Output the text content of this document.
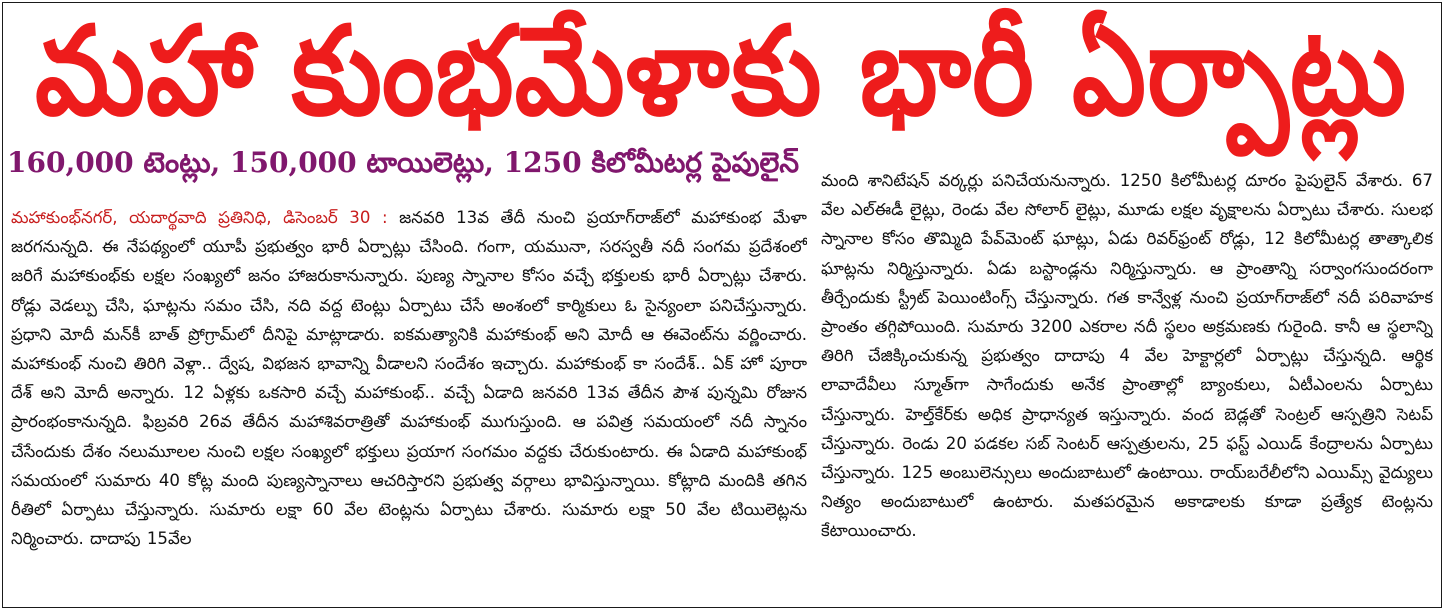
మహా కుంభమేళాకు భారీ ఏర్పాట్లు
160,000 టెంట్లు, 150,000 టాయిలెట్లు, 1250 కిలోమీటర్ల పైపులైన్
మహాకుంభ్‌నగర్, యదార్థవాది ప్రతినిధి, డిసెంబర్ 30 : జనవరి 13వ తేదీ నుంచి ప్రయాగ్‌రాజ్‌లో మహాకుంభ మేళా జరగనున్నది. ఈ నేపథ్యంలో యూపీ ప్రభుత్వం భారీ ఏర్పాట్లు చేసింది. గంగా, యమునా, సరస్వతీ నదీ సంగమ ప్రదేశంలో జరిగే మహాకుంభ్‌కు లక్షల సంఖ్యలో జనం హాజరుకానున్నారు. పుణ్య స్నానాల కోసం వచ్చే భక్తులకు భారీ ఏర్పాట్లు చేశారు. రోడ్లు వెడల్పు చేసి, ఘాట్లను సమం చేసి, నది వద్ద టెంట్లు ఏర్పాటు చేసే అంశంలో కార్మికులు ఓ సైన్యంలా పనిచేస్తున్నారు. ప్రధాని మోదీ మన్‌కీ బాత్ ప్రోగ్రామ్‌లో దీనిపై మాట్లాడారు. ఐకమత్యానికి మహాకుంభ్ అని మోదీ ఆ ఈవెంట్‌ను వర్ణించారు. మహాకుంభ్ నుంచి తిరిగి వెళ్లా.. ద్వేష, విభజన భావాన్ని వీడాలని సందేశం ఇచ్చారు. మహాకుంభ్ కా సందేశ్.. ఏక్ హో పూరా దేశ్ అని మోదీ అన్నారు. 12 ఏళ్లకు ఒకసారి వచ్చే మహాకుంభ్.. వచ్చే ఏడాది జనవరి 13వ తేదీన పౌశ పున్నమి రోజున ప్రారంభంకానున్నది. ఫిబ్రవరి 26వ తేదీన మహాశివరాత్రితో మహాకుంభ్ ముగుస్తుంది. ఆ పవిత్ర సమయంలో నదీ స్నానం చేసేందుకు దేశం నలుమూలల నుంచి లక్షల సంఖ్యలో భక్తులు ప్రయాగ సంగమం వద్దకు చేరుకుంటారు. ఈ ఏడాది మహాకుంభ్ సమయంలో సుమారు 40 కోట్ల మంది పుణ్యస్నానాలు ఆచరిస్తారని ప్రభుత్వ వర్గాలు భావిస్తున్నాయి. కోట్లాది మందికి తగిన రీతిలో ఏర్పాటు చేస్తున్నారు. సుమారు లక్షా 60 వేల టెంట్లను ఏర్పాటు చేశారు. సుమారు లక్షా 50 వేల టియిలెట్లను నిర్మించారు. దాదాపు 15వేల
మంది శానిటేషన్ వర్కర్లు పనిచేయనున్నారు. 1250 కిలోమీటర్ల దూరం పైపులైన్ వేశారు. 67 వేల ఎల్‌ఈడీ లైట్లు, రెండు వేల సోలార్ లైట్లు, మూడు లక్షల వృక్షాలను ఏర్పాటు చేశారు. సులభ స్నానాల కోసం తొమ్మిది పేవ్‌మెంట్ ఘాట్లు, ఏడు రివర్‌ఫ్రంట్ రోడ్లు, 12 కిలోమీటర్ల తాత్కాలిక ఘాట్లను నిర్మిస్తున్నారు. ఏడు బస్టాండ్లను నిర్మిస్తున్నారు. ఆ ప్రాంతాన్ని సర్వాంగసుందరంగా తీర్చేందుకు స్ట్రీట్ పెయింటింగ్స్ చేస్తున్నారు. గత కాన్వేళ్ల నుంచి ప్రయాగ్‌రాజ్‌లో నదీ పరివాహక ప్రాంతం తగ్గిపోయింది. సుమారు 3200 ఎకరాల నదీ స్థలం అక్రమణకు గురైంది. కానీ ఆ స్థలాన్ని తిరిగి చేజిక్కించుకున్న ప్రభుత్వం దాదాపు 4 వేల హెక్టార్లలో ఏర్పాట్లు చేస్తున్నది. ఆర్థిక లావాదేవీలు స్మూత్‌గా సాగేందుకు అనేక ప్రాంతాల్లో బ్యాంకులు, ఏటీఎంలను ఏర్పాటు చేస్తున్నారు. హెల్త్‌కేర్‌కు అధిక ప్రాధాన్యత ఇస్తున్నారు. వంద బెడ్లతో సెంట్రల్ ఆస్పత్రిని సెటప్ చేస్తున్నారు. రెండు 20 పడకల సబ్ సెంటర్ ఆస్పత్రులను, 25 ఫస్ట్ ఎయిడ్ కేంద్రాలను ఏర్పాటు చేస్తున్నారు. 125 అంబులెన్సులు అందుబాటులో ఉంటాయి. రాయ్‌బరేలీలోని ఎయిమ్స్ వైద్యులు నిత్యం అందుబాటులో ఉంటారు. మతపరమైన అకాడాలకు కూడా ప్రత్యేక టెంట్లను కేటాయించారు.
